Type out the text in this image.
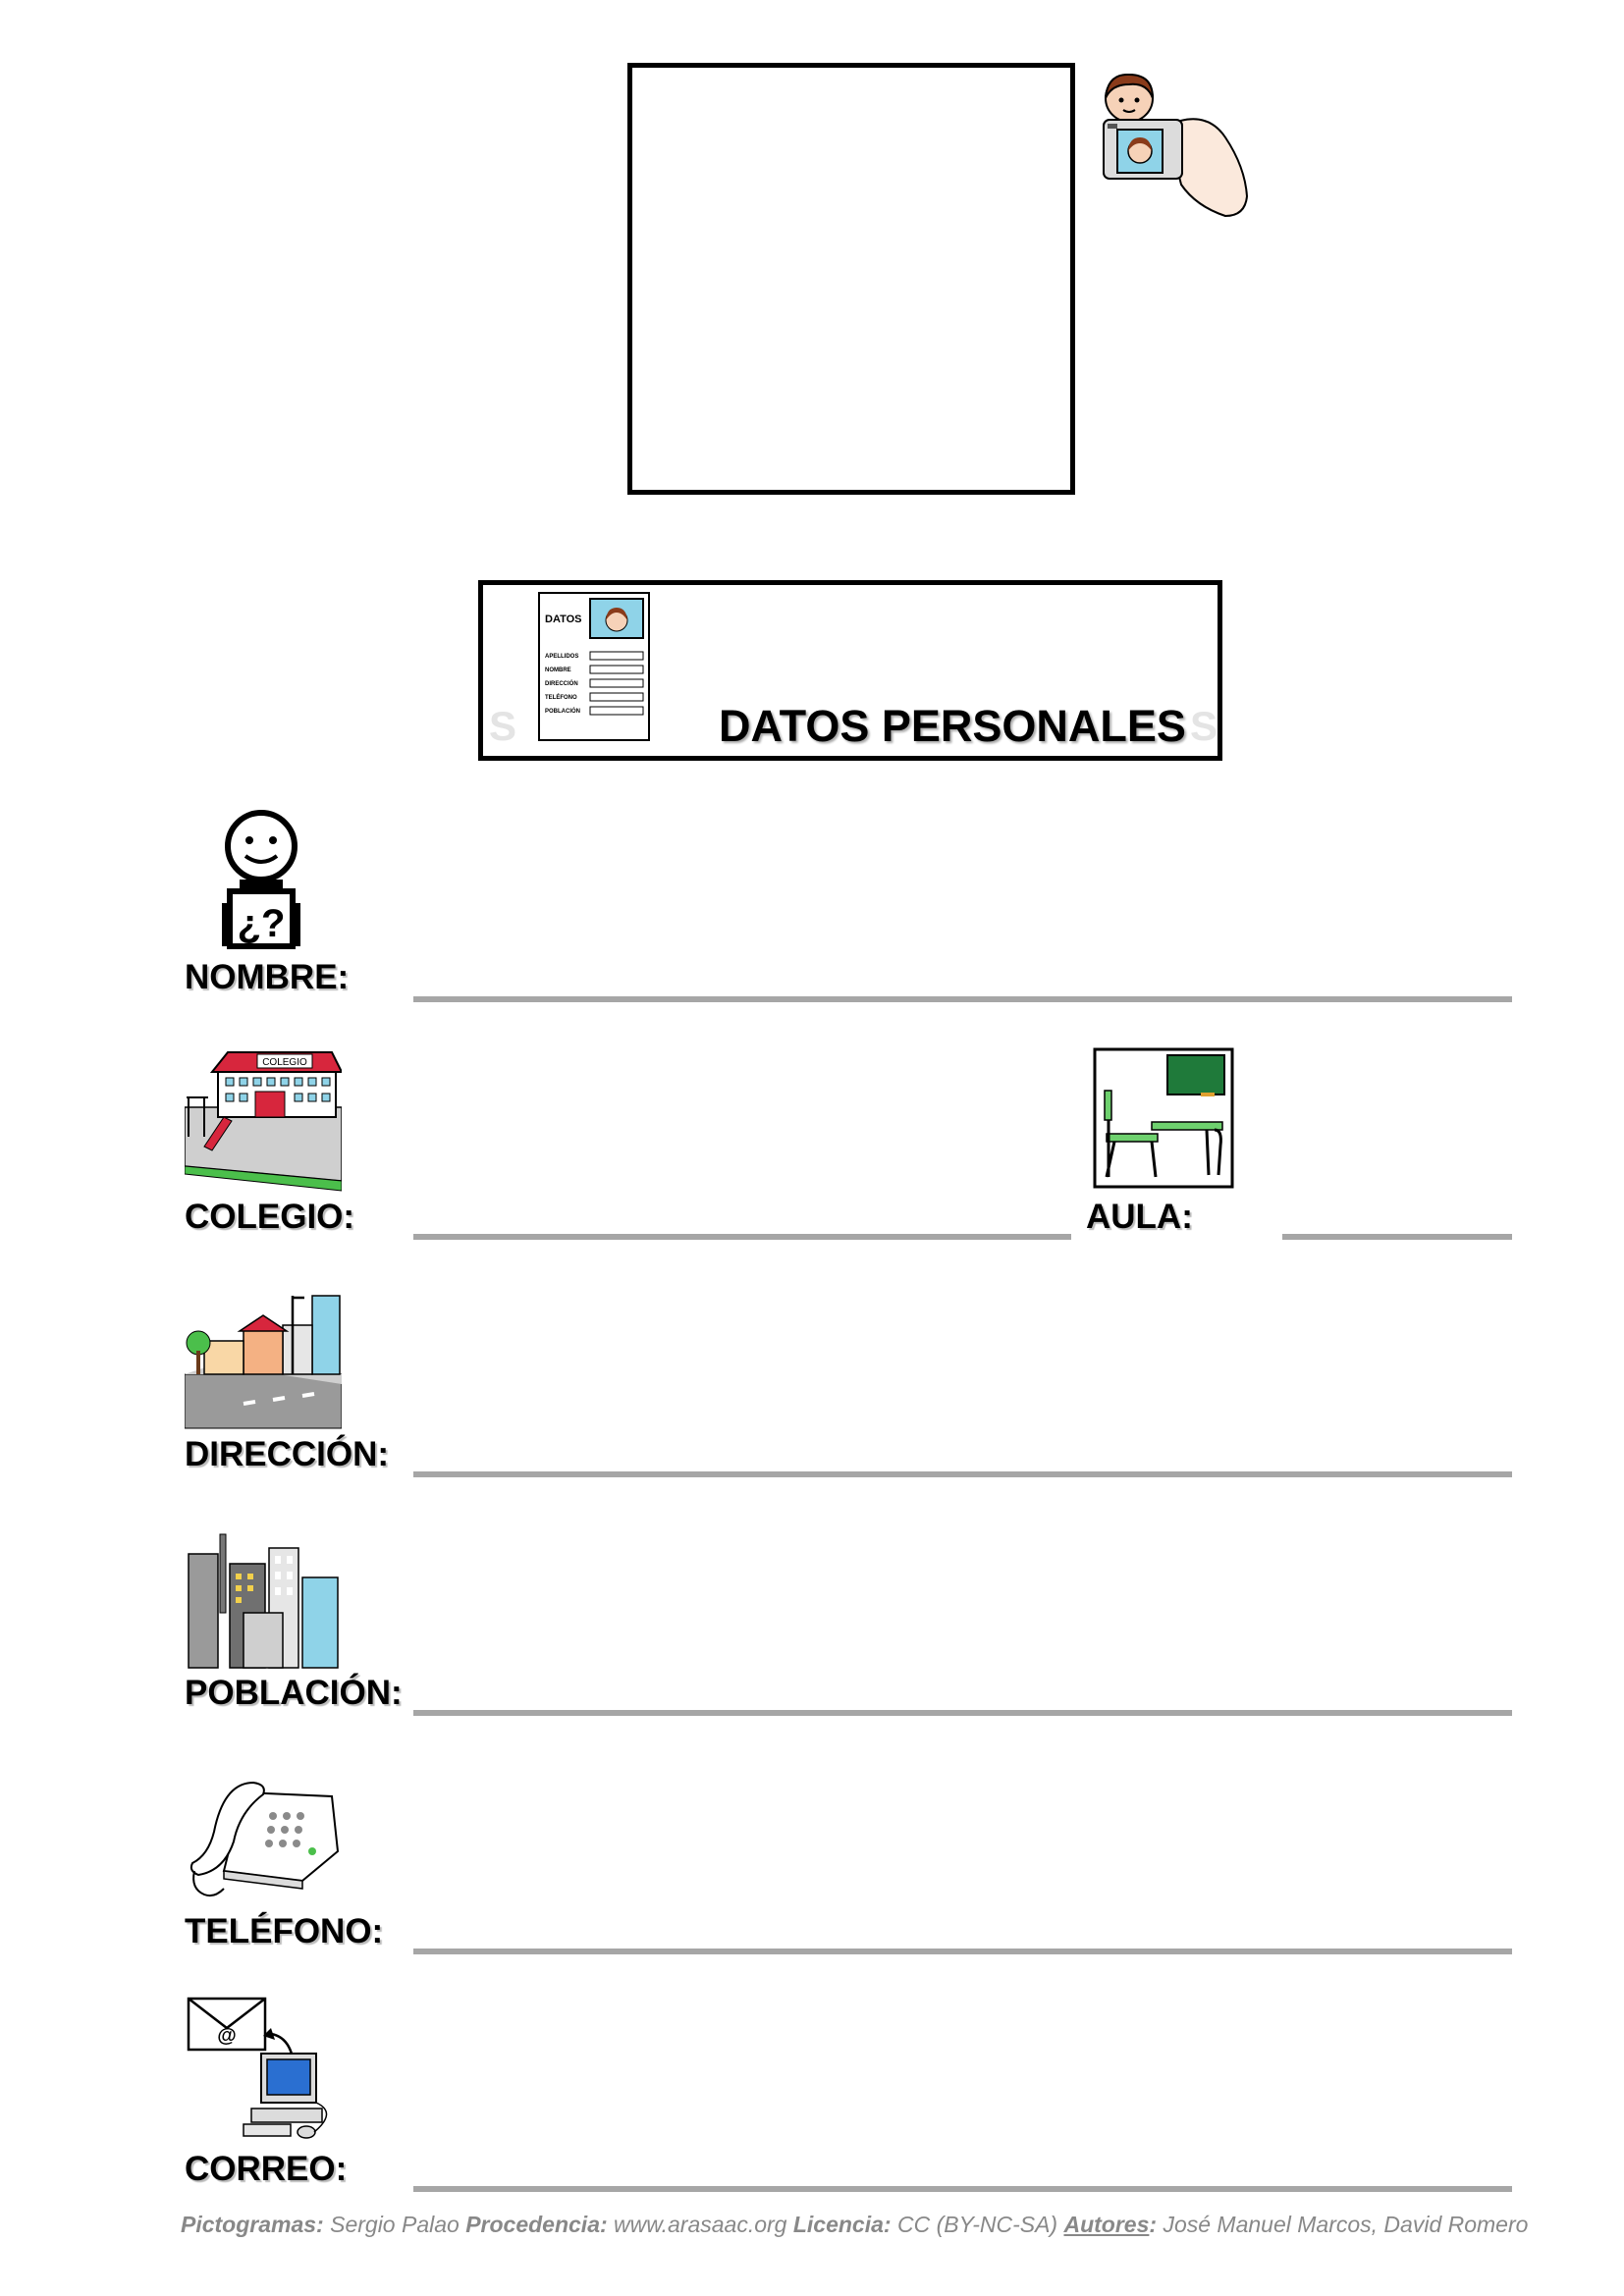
S	S
DATOS
APELLIDOS
NOMBRE
DIRECCIÓN
TELÉFONO
POBLACIÓN	DATOS PERSONALES
¿?
NOMBRE:
COLEGIO
COLEGIO:	AULA:
DIRECCIÓN:
POBLACIÓN:
TELÉFONO:
@
CORREO:
Pictogramas: Sergio Palao Procedencia: www.arasaac.org Licencia: CC (BY-NC-SA) Autores: José Manuel Marcos, David Romero
